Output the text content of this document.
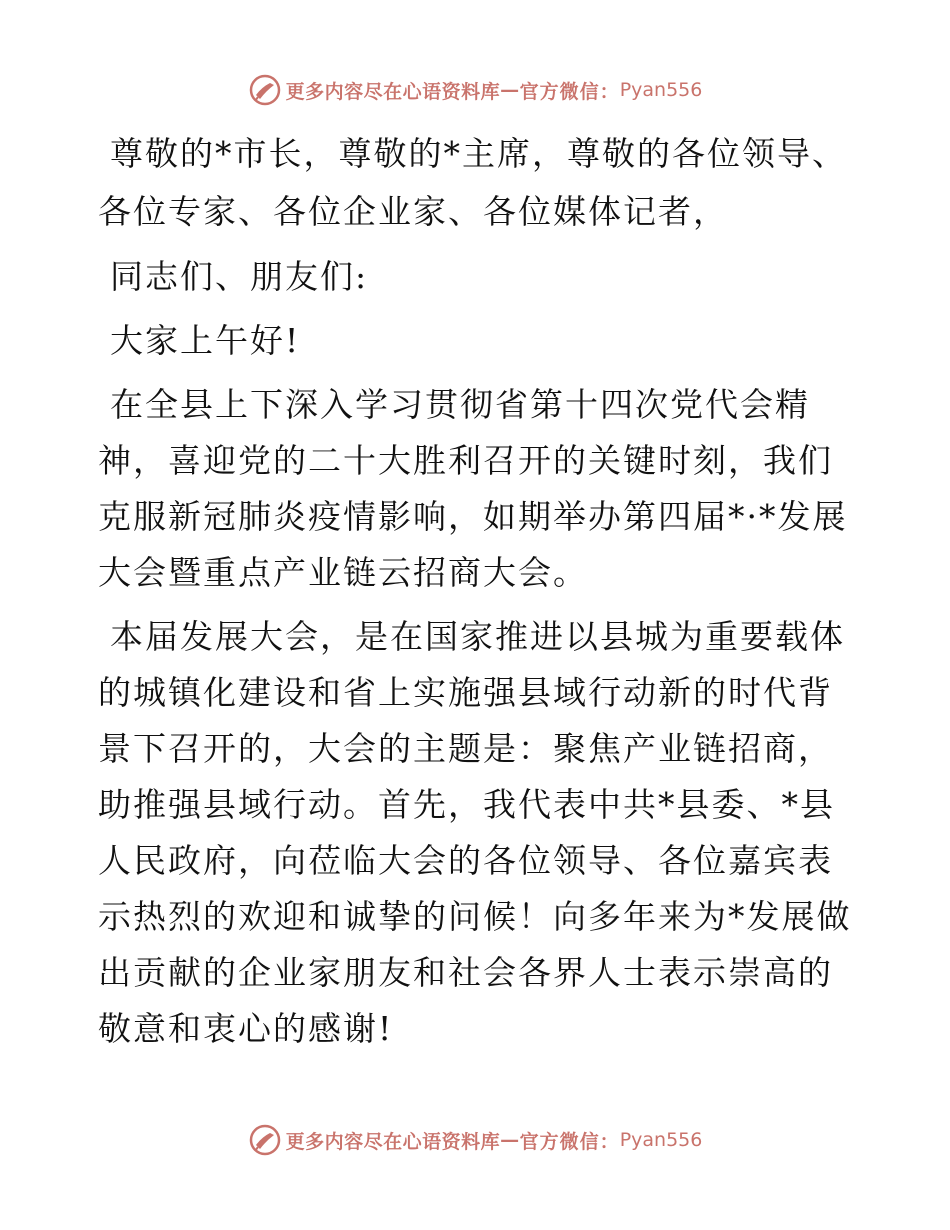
更多内容尽在心语资料库 — 官方微信： Pyan556

尊敬的*市长，尊敬的*主席，尊敬的各位领导、各位专家、各位企业家、各位媒体记者，

同志们、朋友们:

大家上午好!

在全县上下深入学习贯彻省第十四次党代会精神，喜迎党的二十大胜利召开的关键时刻，我们克服新冠肺炎疫情影响，如期举办第四届*·*发展大会暨重点产业链云招商大会。

本届发展大会，是在国家推进以县城为重要载体的城镇化建设和省上实施强县域行动新的时代背景下召开的，大会的主题是：聚焦产业链招商，助推强县域行动。首先，我代表中共*县委、*县人民政府，向莅临大会的各位领导、各位嘉宾表示热烈的欢迎和诚挚的问候！向多年来为*发展做出贡献的企业家朋友和社会各界人士表示崇高的敬意和衷心的感谢!

更多内容尽在心语资料库 — 官方微信： Pyan556
